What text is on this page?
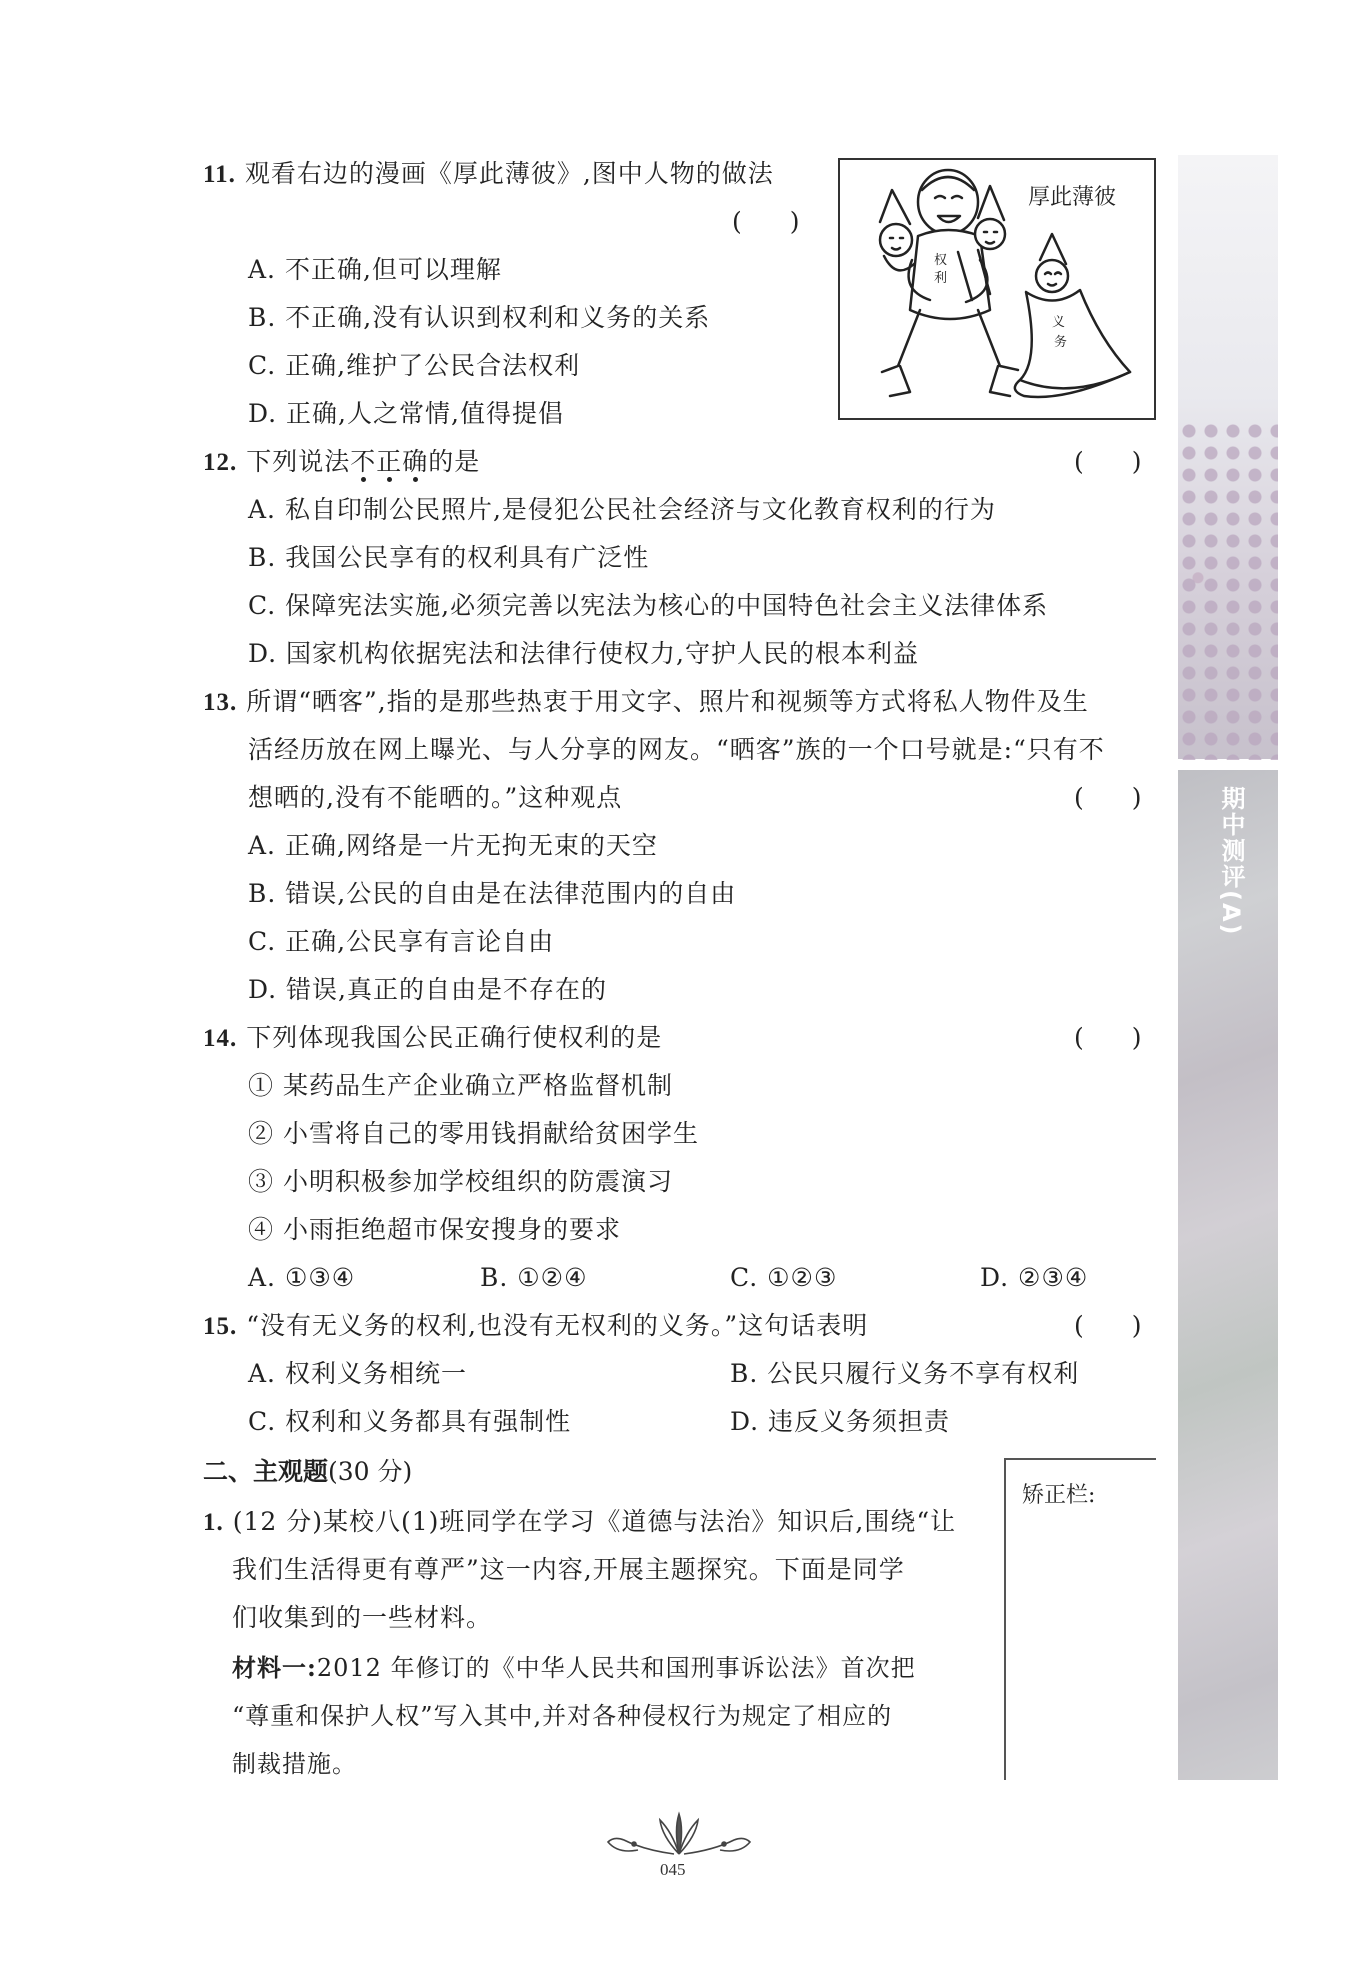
11. 观看右边的漫画《厚此薄彼》,图中人物的做法
( )
A. 不正确,但可以理解
B. 不正确,没有认识到权利和义务的关系
C. 正确,维护了公民合法权利
D. 正确,人之常情,值得提倡
厚此薄彼
权
利
义
务
12. 下列说法不正确的是	( )
A. 私自印制公民照片,是侵犯公民社会经济与文化教育权利的行为
B. 我国公民享有的权利具有广泛性
C. 保障宪法实施,必须完善以宪法为核心的中国特色社会主义法律体系
D. 国家机构依据宪法和法律行使权力,守护人民的根本利益
13. 所谓“晒客”,指的是那些热衷于用文字、照片和视频等方式将私人物件及生
活经历放在网上曝光、与人分享的网友。“晒客”族的一个口号就是:“只有不
想晒的,没有不能晒的。”这种观点	( )
A. 正确,网络是一片无拘无束的天空
B. 错误,公民的自由是在法律范围内的自由
C. 正确,公民享有言论自由
D. 错误,真正的自由是不存在的
14. 下列体现我国公民正确行使权利的是	( )
① 某药品生产企业确立严格监督机制
② 小雪将自己的零用钱捐献给贫困学生
③ 小明积极参加学校组织的防震演习
④ 小雨拒绝超市保安搜身的要求
A. ①③④	B. ①②④	C. ①②③	D. ②③④
15. “没有无义务的权利,也没有无权利的义务。”这句话表明	( )
A. 权利义务相统一	B. 公民只履行义务不享有权利
C. 权利和义务都具有强制性	D. 违反义务须担责
二、主观题(30 分)
1. (12 分)某校八(1)班同学在学习《道德与法治》知识后,围绕“让
我们生活得更有尊严”这一内容,开展主题探究。下面是同学
们收集到的一些材料。
材料一:2012 年修订的《中华人民共和国刑事诉讼法》首次把
“尊重和保护人权”写入其中,并对各种侵权行为规定了相应的
制裁措施。
矫正栏:
期中测评(A)
045
